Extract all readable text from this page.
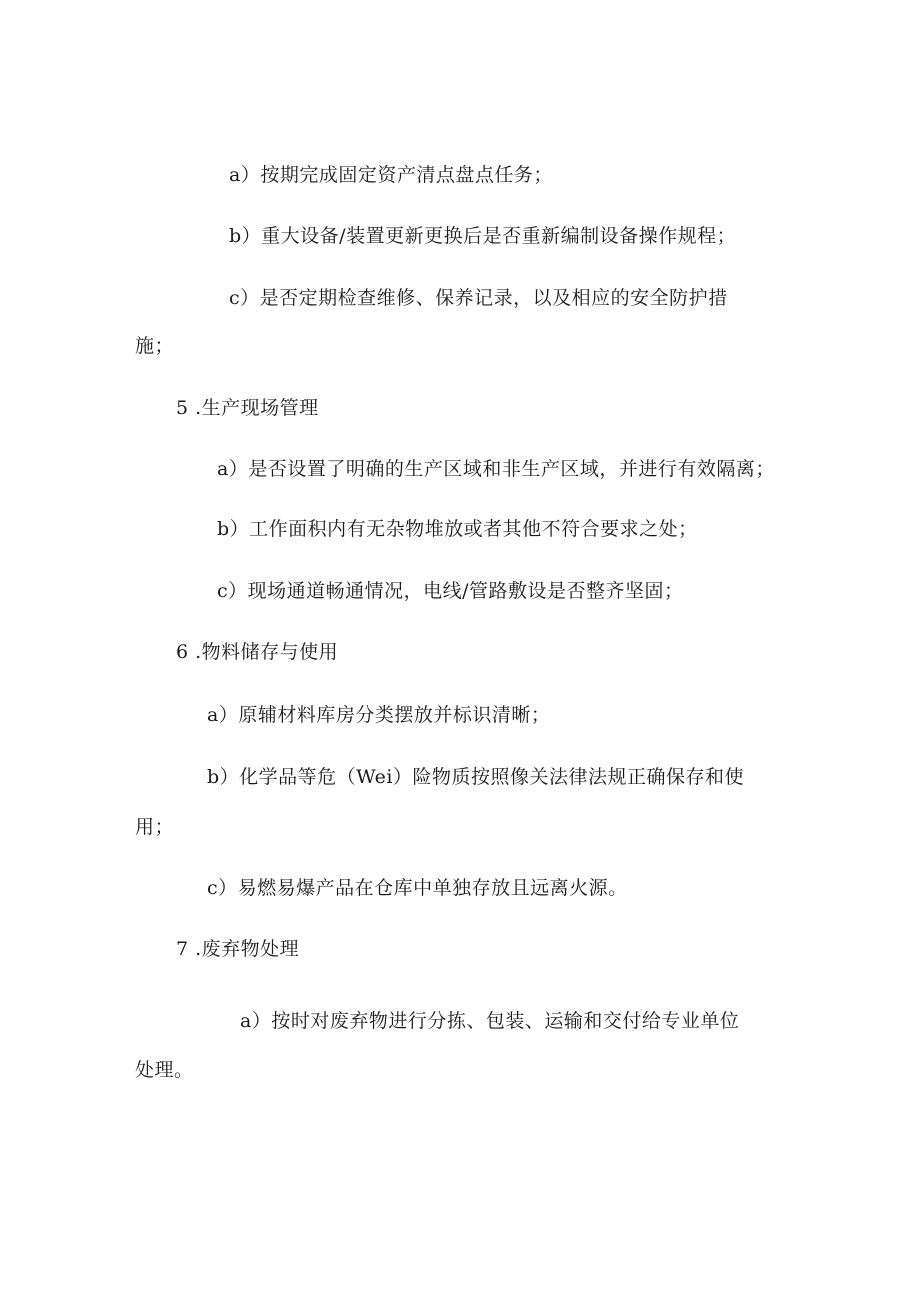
a）按期完成固定资产清点盘点任务；
b）重大设备/装置更新更换后是否重新编制设备操作规程；
c）是否定期检查维修、保养记录，以及相应的安全防护措
施；
5 .生产现场管理
a）是否设置了明确的生产区域和非生产区域，并进行有效隔离；
b）工作面积内有无杂物堆放或者其他不符合要求之处；
c）现场通道畅通情况，电线/管路敷设是否整齐坚固；
6 .物料储存与使用
a）原辅材料库房分类摆放并标识清晰；
b）化学品等危（Wei）险物质按照像关法律法规正确保存和使
用；
c）易燃易爆产品在仓库中单独存放且远离火源。
7 .废弃物处理
a）按时对废弃物进行分拣、包装、运输和交付给专业单位
处理。
